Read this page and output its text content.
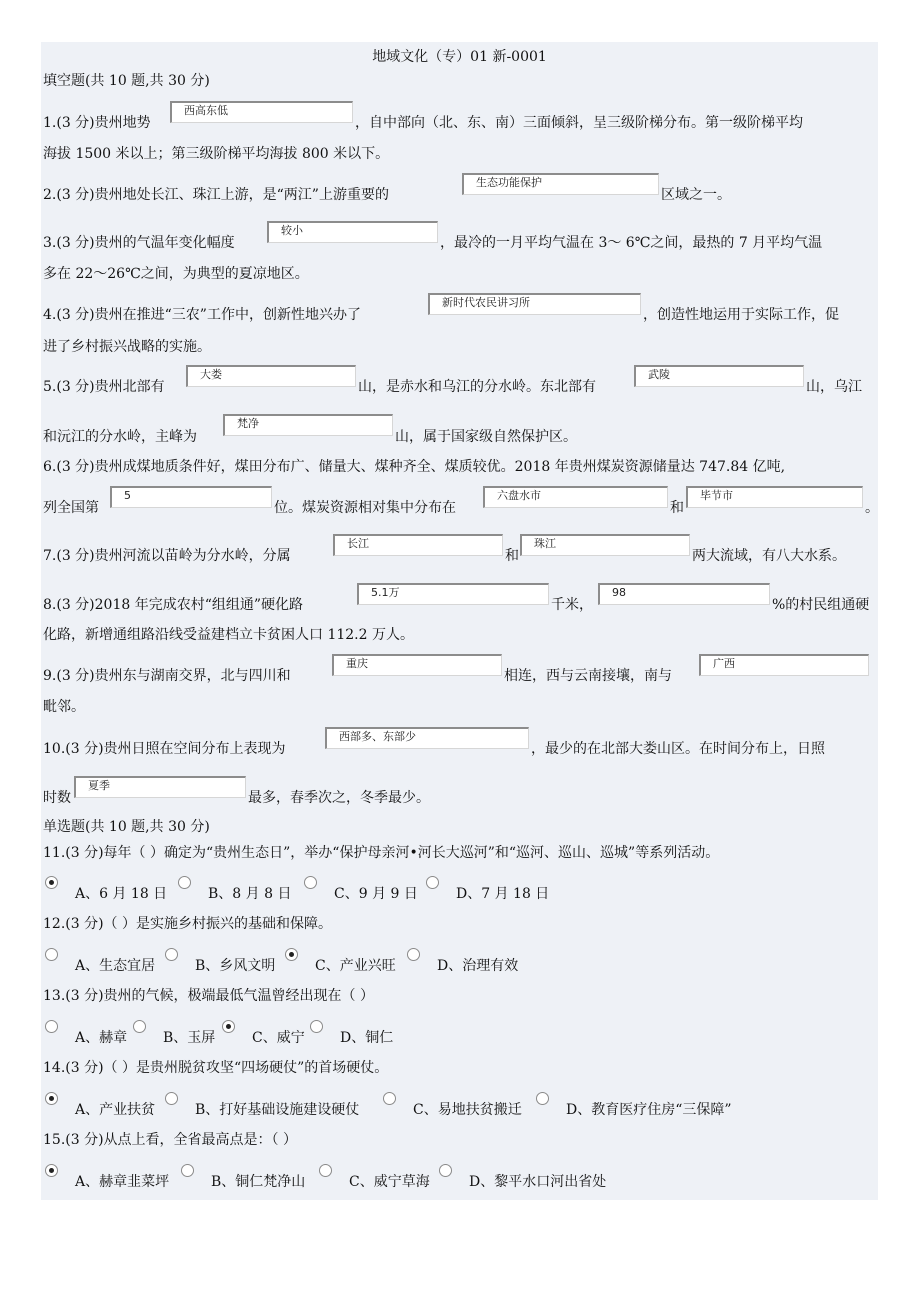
地域文化（专）01 新-0001
填空题(共 10 题,共 30 分)
1.(3 分)贵州地势
西高东低
，自中部向（北、东、南）三面倾斜，呈三级阶梯分布。第一级阶梯平均
海拔 1500 米以上；第三级阶梯平均海拔 800 米以下。
2.(3 分)贵州地处长江、珠江上游，是“两江”上游重要的
生态功能保护
区域之一。
3.(3 分)贵州的气温年变化幅度
较小
，最冷的一月平均气温在 3～ 6℃之间，最热的 7 月平均气温
多在 22～26℃之间，为典型的夏凉地区。
4.(3 分)贵州在推进“三农”工作中，创新性地兴办了
新时代农民讲习所
，创造性地运用于实际工作，促
进了乡村振兴战略的实施。
5.(3 分)贵州北部有
大娄
山，是赤水和乌江的分水岭。东北部有
武陵
山，乌江
和沅江的分水岭，主峰为
梵净
山，属于国家级自然保护区。
6.(3 分)贵州成煤地质条件好，煤田分布广、储量大、煤种齐全、煤质较优。2018 年贵州煤炭资源储量达 747.84 亿吨,
列全国第
5
位。煤炭资源相对集中分布在
六盘水市
和
毕节市
。
7.(3 分)贵州河流以苗岭为分水岭，分属
长江
和
珠江
两大流域，有八大水系。
8.(3 分)2018 年完成农村“组组通”硬化路
5.1万
千米，
98
%的村民组通硬
化路，新增通组路沿线受益建档立卡贫困人口 112.2 万人。
9.(3 分)贵州东与湖南交界，北与四川和
重庆
相连，西与云南接壤，南与
广西
毗邻。
10.(3 分)贵州日照在空间分布上表现为
西部多、东部少
，最少的在北部大娄山区。在时间分布上，日照
时数
夏季
最多，春季次之，冬季最少。
单选题(共 10 题,共 30 分)
11.(3 分)每年（ ）确定为“贵州生态日”，举办“保护母亲河•河长大巡河”和“巡河、巡山、巡城”等系列活动。
A、6 月 18 日	B、8 月 8 日	C、9 月 9 日	D、7 月 18 日
12.(3 分)（ ）是实施乡村振兴的基础和保障。
A、生态宜居	B、乡风文明	C、产业兴旺	D、治理有效
13.(3 分)贵州的气候，极端最低气温曾经出现在（ ）
A、赫章	B、玉屏	C、威宁	D、铜仁
14.(3 分)（ ）是贵州脱贫攻坚“四场硬仗”的首场硬仗。
A、产业扶贫	B、打好基础设施建设硬仗	C、易地扶贫搬迁	D、教育医疗住房“三保障”
15.(3 分)从点上看，全省最高点是：（ ）
A、赫章韭菜坪	B、铜仁梵净山	C、威宁草海	D、黎平水口河出省处
